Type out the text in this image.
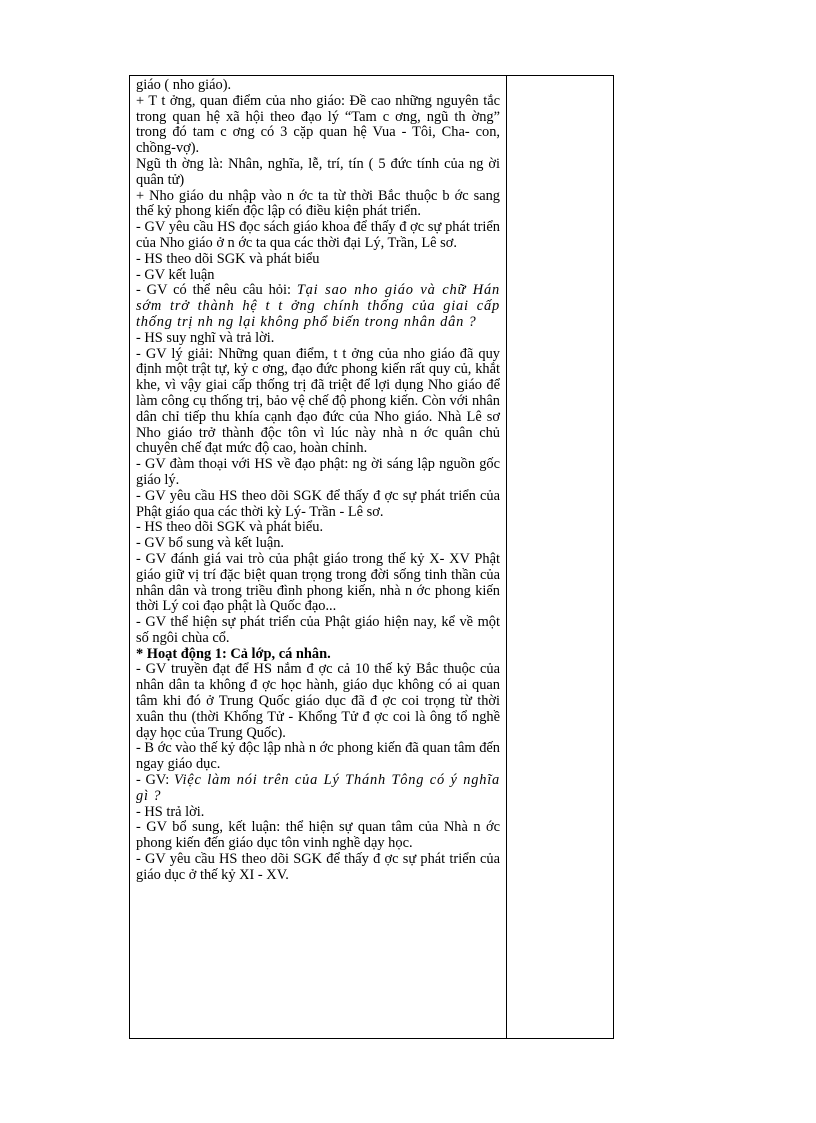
giáo ( nho giáo).

+ T t ởng, quan điểm của nho giáo: Đề cao những nguyên tắc trong quan hệ xã hội theo đạo lý “Tam c ơng, ngũ th ờng” trong đó tam c ơng có 3 cặp quan hệ Vua - Tôi, Cha- con, chồng-vợ).

Ngũ th ờng là: Nhân, nghĩa, lễ, trí, tín ( 5 đức tính của ng ời quân tử)

+ Nho giáo du nhập vào n ớc ta từ thời Bắc thuộc b ớc sang thế kỷ phong kiến độc lập có điều kiện phát triển.

- GV yêu cầu HS đọc sách giáo khoa để thấy đ ợc sự phát triển của Nho giáo ở n ớc ta qua các thời đại Lý, Trần, Lê sơ.

- HS theo dõi SGK và phát biểu

- GV kết luận

- GV có thể nêu câu hỏi: Tại sao nho giáo và chữ Hán sớm trở thành hệ t t ởng chính thống của giai cấp thống trị nh ng lại không phổ biến trong nhân dân ?

- HS suy nghĩ và trả lời.

- GV lý giải: Những quan điểm, t t ởng của nho giáo đã quy định một trật tự, kỷ c ơng, đạo đức phong kiến rất quy củ, khắt khe, vì vậy giai cấp thống trị đã triệt để lợi dụng Nho giáo để làm công cụ thống trị, bảo vệ chế độ phong kiến. Còn với nhân dân chỉ tiếp thu khía cạnh đạo đức của Nho giáo. Nhà Lê sơ Nho giáo trở thành độc tôn vì lúc này nhà n ớc quân chủ chuyên chế đạt mức độ cao, hoàn chỉnh.

- GV đàm thoại với HS về đạo phật: ng ời sáng lập nguồn gốc giáo lý.

- GV yêu cầu HS theo dõi SGK để thấy đ ợc sự phát triển của Phật giáo qua các thời kỳ Lý- Trần - Lê sơ.

- HS theo dõi SGK và phát biểu.

- GV bổ sung và kết luận.

- GV đánh giá vai trò của phật giáo trong thế kỷ X- XV Phật giáo giữ vị trí đặc biệt quan trọng trong đời sống tinh thần của nhân dân và trong triều đình phong kiến, nhà n ớc phong kiến thời Lý coi đạo phật là Quốc đạo...

- GV thể hiện sự phát triển của Phật giáo hiện nay, kể về một số ngôi chùa cổ.

* Hoạt động 1: Cả lớp, cá nhân.

- GV truyền đạt để HS nắm đ ợc cả 10 thế kỷ Bắc thuộc của nhân dân ta không đ ợc học hành, giáo dục không có ai quan tâm khi đó ở Trung Quốc giáo dục đã đ ợc coi trọng từ thời xuân thu (thời Khổng Tử - Khổng Tử đ ợc coi là ông tổ nghề dạy học của Trung Quốc).

- B ớc vào thế kỷ độc lập nhà n ớc phong kiến đã quan tâm đến ngay giáo dục.

- GV: Việc làm nói trên của Lý Thánh Tông có ý nghĩa gì ?

- HS trả lời.

- GV bổ sung, kết luận: thể hiện sự quan tâm của Nhà n ớc phong kiến đến giáo dục tôn vinh nghề dạy học.

- GV yêu cầu HS theo dõi SGK để thấy đ ợc sự phát triển của giáo dục ở thế kỷ XI - XV.
